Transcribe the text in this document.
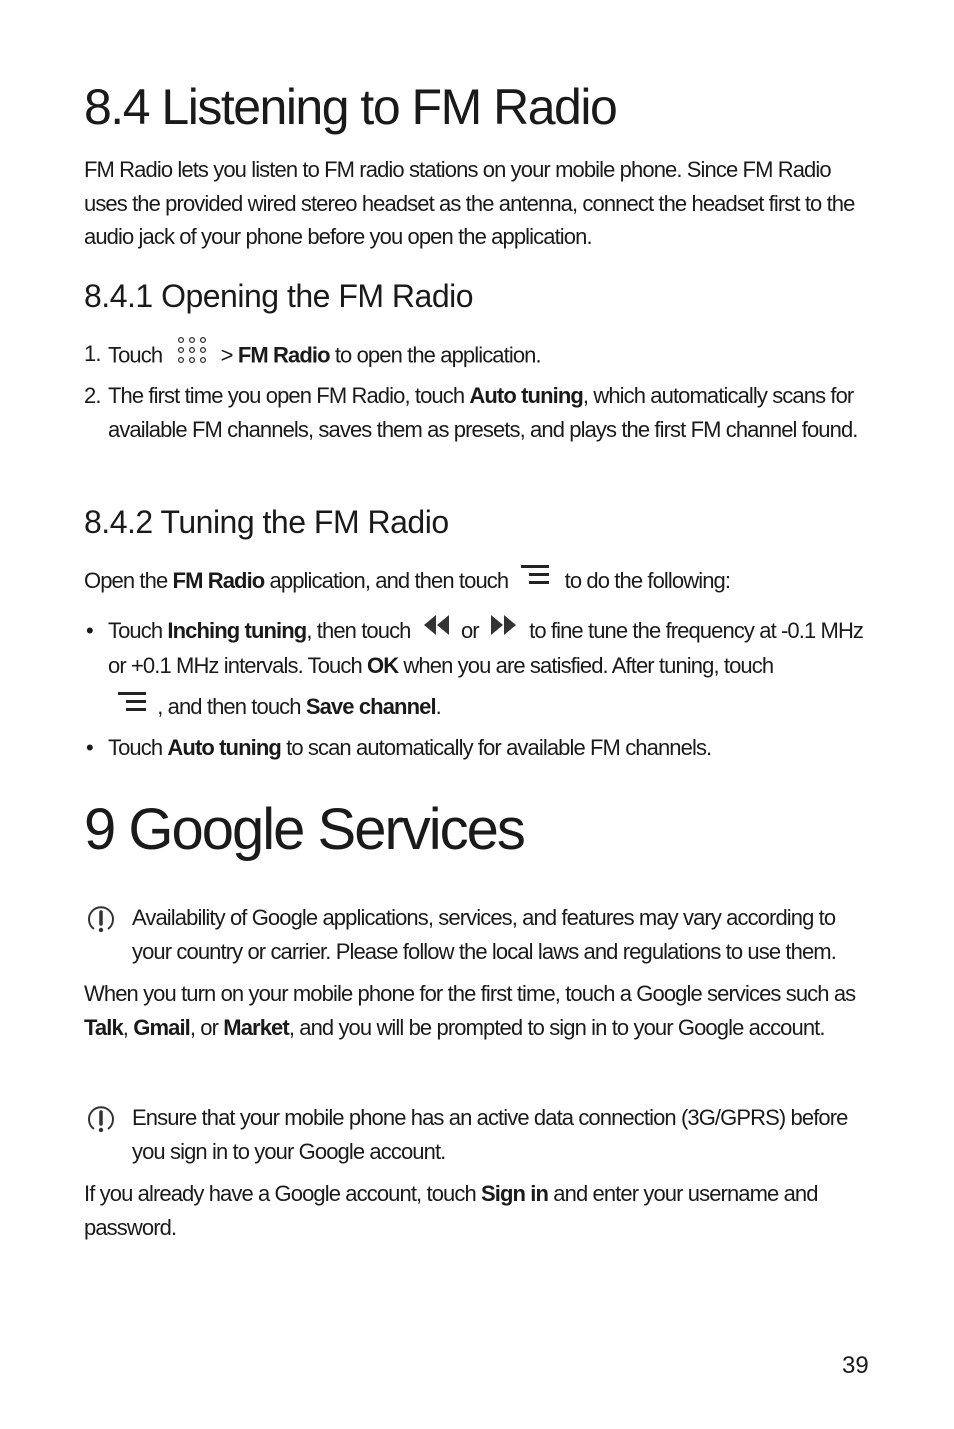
8.4 Listening to FM Radio
FM Radio lets you listen to FM radio stations on your mobile phone. Since FM Radio uses the provided wired stereo headset as the antenna, connect the headset first to the audio jack of your phone before you open the application.
8.4.1 Opening the FM Radio
1. Touch  > FM Radio to open the application.
2. The first time you open FM Radio, touch Auto tuning, which automatically scans for available FM channels, saves them as presets, and plays the first FM channel found.
8.4.2 Tuning the FM Radio
Open the FM Radio application, and then touch  to do the following:
• Touch Inching tuning, then touch  or  to fine tune the frequency at -0.1 MHz or +0.1 MHz intervals. Touch OK when you are satisfied. After tuning, touch
, and then touch Save channel.
• Touch Auto tuning to scan automatically for available FM channels.
9 Google Services
Availability of Google applications, services, and features may vary according to your country or carrier. Please follow the local laws and regulations to use them.
When you turn on your mobile phone for the first time, touch a Google services such as Talk, Gmail, or Market, and you will be prompted to sign in to your Google account.
Ensure that your mobile phone has an active data connection (3G/GPRS) before you sign in to your Google account.
If you already have a Google account, touch Sign in and enter your username and password.
39
